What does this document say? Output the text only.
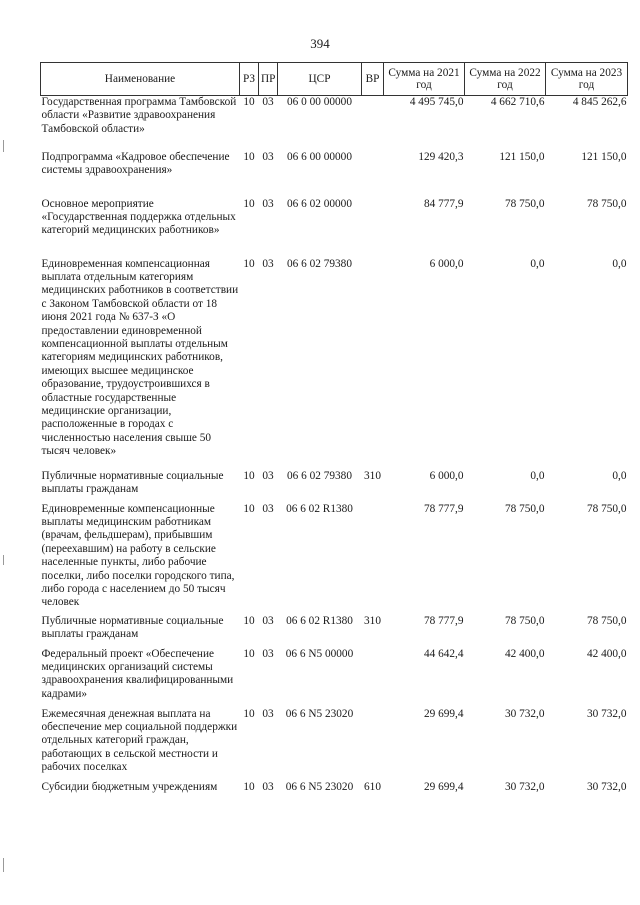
394
Наименование	РЗ	ПР	ЦСР	ВР	Сумма на 2021 год	Сумма на 2022 год	Сумма на 2023 год
Государственная программа Тамбовской области «Развитие здравоохранения Тамбовской области»	10	03	06 0 00 00000		4 495 745,0	4 662 710,6	4 845 262,6
Подпрограмма «Кадровое обеспечение системы здравоохранения»	10	03	06 6 00 00000		129 420,3	121 150,0	121 150,0
Основное мероприятие «Государственная поддержка отдельных категорий медицинских работников»	10	03	06 6 02 00000		84 777,9	78 750,0	78 750,0
Единовременная компенсационная выплата отдельным категориям медицинских работников в соответствии с Законом Тамбовской области от 18 июня 2021 года № 637-З «О предоставлении единовременной компенсационной выплаты отдельным категориям медицинских работников, имеющих высшее медицинское образование, трудоустроившихся в областные государственные медицинские организации, расположенные в городах с численностью населения свыше 50 тысяч человек»	10	03	06 6 02 79380		6 000,0	0,0	0,0
Публичные нормативные социальные выплаты гражданам	10	03	06 6 02 79380	310	6 000,0	0,0	0,0
Единовременные компенсационные выплаты медицинским работникам (врачам, фельдшерам), прибывшим (переехавшим) на работу в сельские населенные пункты, либо рабочие поселки, либо поселки городского типа, либо города с населением до 50 тысяч человек	10	03	06 6 02 R1380		78 777,9	78 750,0	78 750,0
Публичные нормативные социальные выплаты гражданам	10	03	06 6 02 R1380	310	78 777,9	78 750,0	78 750,0
Федеральный проект «Обеспечение медицинских организаций системы здравоохранения квалифицированными кадрами»	10	03	06 6 N5 00000		44 642,4	42 400,0	42 400,0
Ежемесячная денежная выплата на обеспечение мер социальной поддержки отдельных категорий граждан, работающих в сельской местности и рабочих поселках	10	03	06 6 N5 23020		29 699,4	30 732,0	30 732,0
Субсидии бюджетным учреждениям	10	03	06 6 N5 23020	610	29 699,4	30 732,0	30 732,0
